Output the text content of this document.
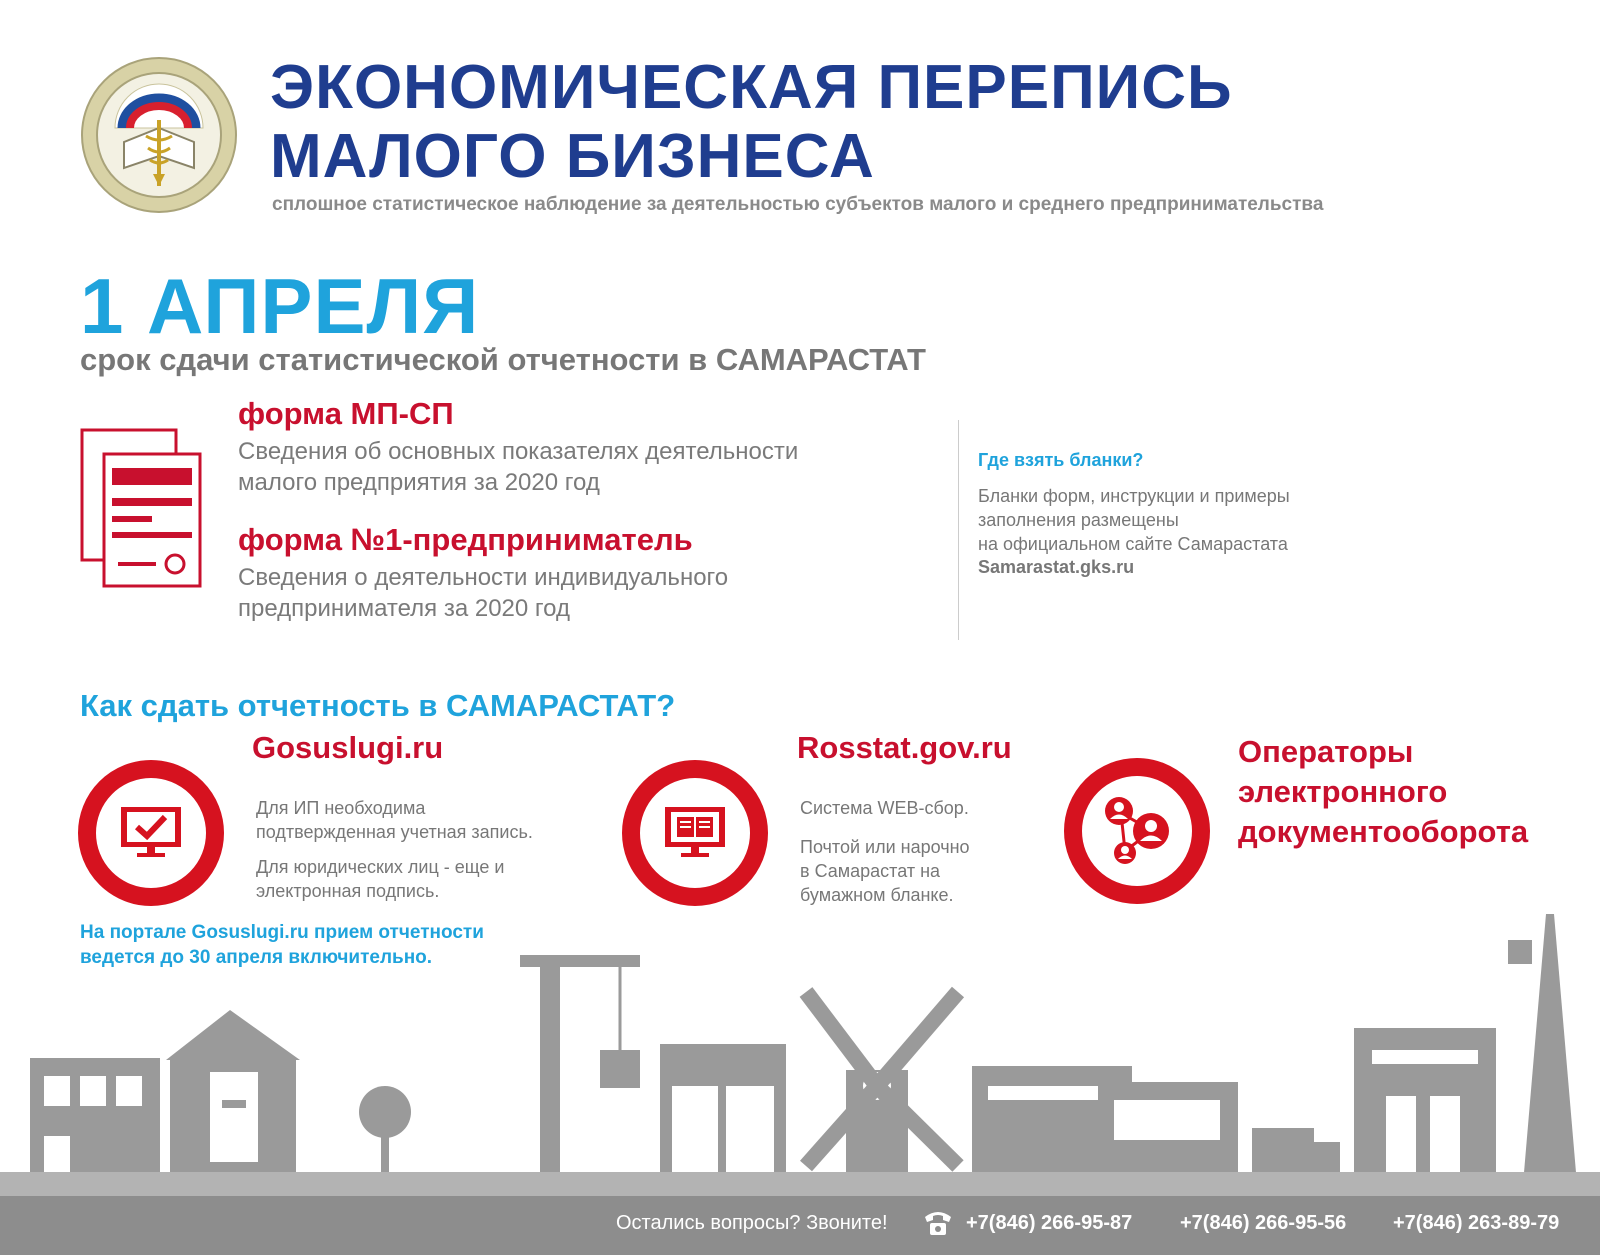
ЭКОНОМИЧЕСКАЯ ПЕРЕПИСЬ
МАЛОГО БИЗНЕСА
сплошное статистическое наблюдение за деятельностью субъектов малого и среднего предпринимательства
1 АПРЕЛЯ
срок сдачи статистической отчетности в САМАРАСТАТ
форма МП-СП
Сведения об основных показателях деятельности
малого предприятия за 2020 год
форма №1-предприниматель
Сведения о деятельности индивидуального
предпринимателя за 2020 год
Где взять бланки?
Бланки форм, инструкции и примеры
заполнения размещены
на официальном сайте Самарастата
Samarastat.gks.ru
Как сдать отчетность в САМАРАСТАТ?
Gosuslugi.ru
Для ИП необходима
подтвержденная учетная запись.
Для юридических лиц - еще и
электронная подпись.
Rosstat.gov.ru
Система WEB-сбор.
Почтой или нарочно
в Самарастат на
бумажном бланке.
Операторы
электронного
документооборота
На портале Gosuslugi.ru прием отчетности
ведется до 30 апреля включительно.
Остались вопросы? Звоните!	+7(846) 266-95-87 +7(846) 266-95-56 +7(846) 263-89-79
